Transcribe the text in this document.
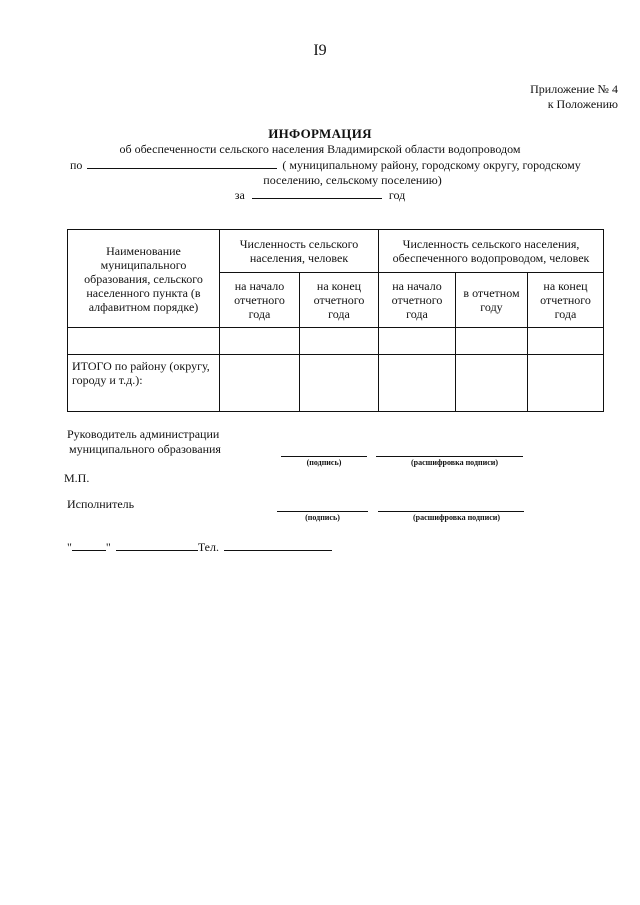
I9
Приложение № 4
к Положению
ИНФОРМАЦИЯ
об обеспеченности сельского населения Владимирской области водопроводом
по	( муниципальному району, городскому округу, городскому
поселению, сельскому поселению)
за	год
Наименование муниципального образования, сельского населенного пункта (в алфавитном порядке)	Численность сельского населения, человек		Численность сельского населения, обеспеченного водопроводом, человек		
	на начало отчетного года	на конец отчетного года	на начало отчетного года	в отчетном году	на конец отчетного года

ИТОГО по району (округу, городу и т.д.):					
Руководитель администрации
муниципального образования
(подпись)	(расшифровка подписи)
М.П.
Исполнитель
(подпись)	(расшифровка подписи)
"	"	Тел.
